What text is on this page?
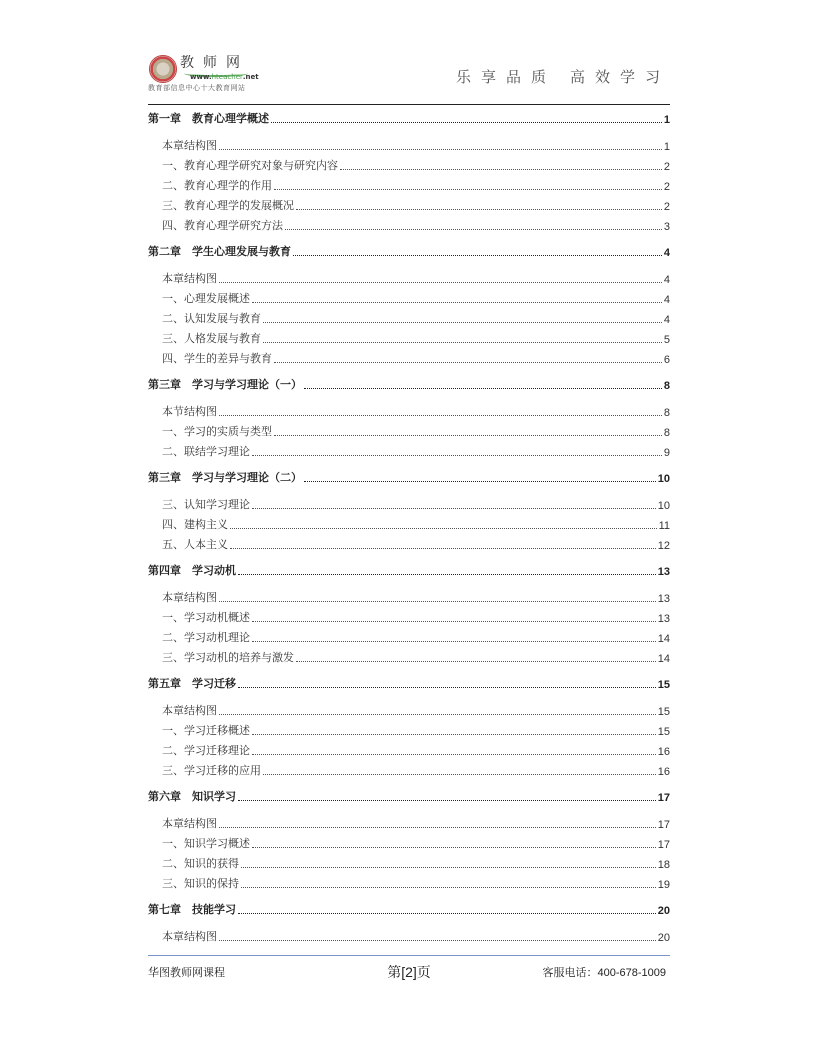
教师网
www.hteacher.net
教育部信息中心十大教育网站
乐享品质 高效学习
第一章　教育心理学概述	1
本章结构图	1
一、教育心理学研究对象与研究内容	2
二、教育心理学的作用	2
三、教育心理学的发展概况	2
四、教育心理学研究方法	3
第二章　学生心理发展与教育	4
本章结构图	4
一、心理发展概述	4
二、认知发展与教育	4
三、人格发展与教育	5
四、学生的差异与教育	6
第三章　学习与学习理论（一）	8
本节结构图	8
一、学习的实质与类型	8
二、联结学习理论	9
第三章　学习与学习理论（二）	10
三、认知学习理论	10
四、建构主义	11
五、人本主义	12
第四章　学习动机	13
本章结构图	13
一、学习动机概述	13
二、学习动机理论	14
三、学习动机的培养与激发	14
第五章　学习迁移	15
本章结构图	15
一、学习迁移概述	15
二、学习迁移理论	16
三、学习迁移的应用	16
第六章　知识学习	17
本章结构图	17
一、知识学习概述	17
二、知识的获得	18
三、知识的保持	19
第七章　技能学习	20
本章结构图	20
华图教师网课程	第[2]页	客服电话：400-678-1009
